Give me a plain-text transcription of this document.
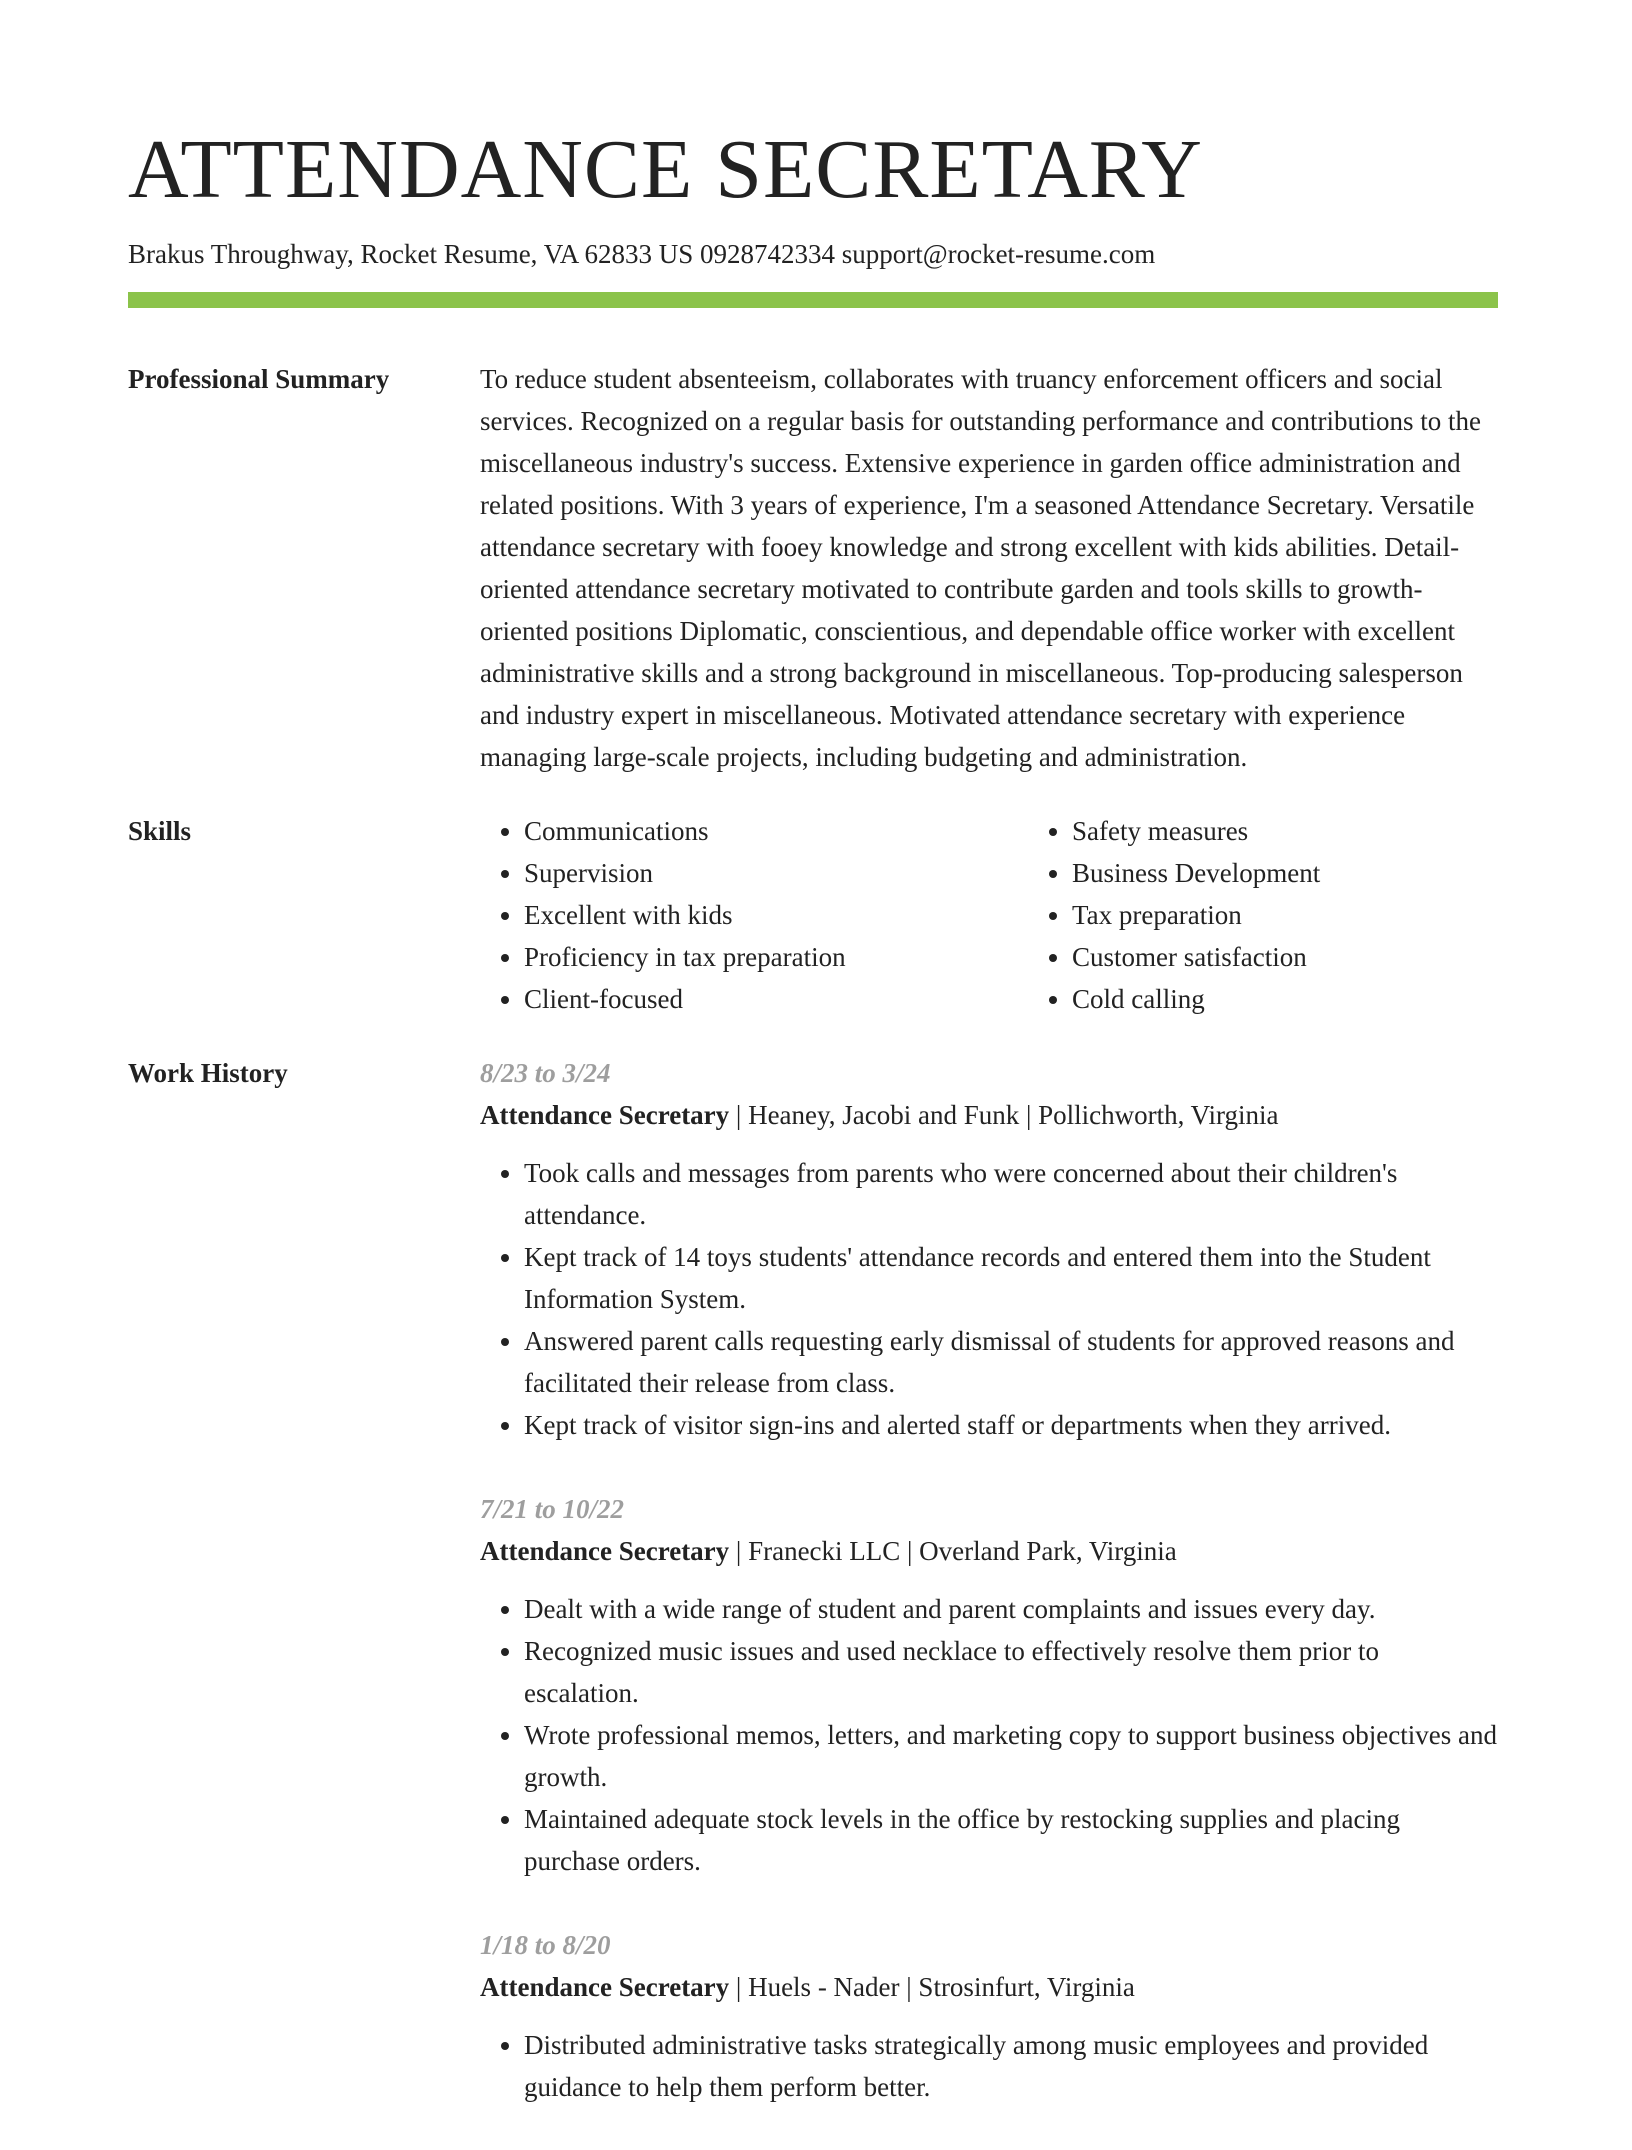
ATTENDANCE SECRETARY
Brakus Throughway, Rocket Resume, VA 62833 US 0928742334 support@rocket-resume.com
Professional Summary	To reduce student absenteeism, collaborates with truancy enforcement officers and social services. Recognized on a regular basis for outstanding performance and contributions to the miscellaneous industry's success. Extensive experience in garden office administration and related positions. With 3 years of experience, I'm a seasoned Attendance Secretary. Versatile attendance secretary with fooey knowledge and strong excellent with kids abilities. Detail-oriented attendance secretary motivated to contribute garden and tools skills to growth-oriented positions Diplomatic, conscientious, and dependable office worker with excellent administrative skills and a strong background in miscellaneous. Top-producing salesperson and industry expert in miscellaneous. Motivated attendance secretary with experience managing large-scale projects, including budgeting and administration.

Skills
•	Communications
• Supervision
• Excellent with kids
• Proficiency in tax preparation
• Client-focused
• Safety measures
• Business Development
• Tax preparation
• Customer satisfaction
• Cold calling
Work History	8/23 to 3/24
Attendance Secretary | Heaney, Jacobi and Funk | Pollichworth, Virginia
• Took calls and messages from parents who were concerned about their children's attendance.
• Kept track of 14 toys students' attendance records and entered them into the Student Information System.
• Answered parent calls requesting early dismissal of students for approved reasons and facilitated their release from class.
• Kept track of visitor sign-ins and alerted staff or departments when they arrived.
7/21 to 10/22
Attendance Secretary | Franecki LLC | Overland Park, Virginia
• Dealt with a wide range of student and parent complaints and issues every day.
• Recognized music issues and used necklace to effectively resolve them prior to escalation.
• Wrote professional memos, letters, and marketing copy to support business objectives and growth.
• Maintained adequate stock levels in the office by restocking supplies and placing purchase orders.
1/18 to 8/20
Attendance Secretary | Huels - Nader | Strosinfurt, Virginia
• Distributed administrative tasks strategically among music employees and provided guidance to help them perform better.
